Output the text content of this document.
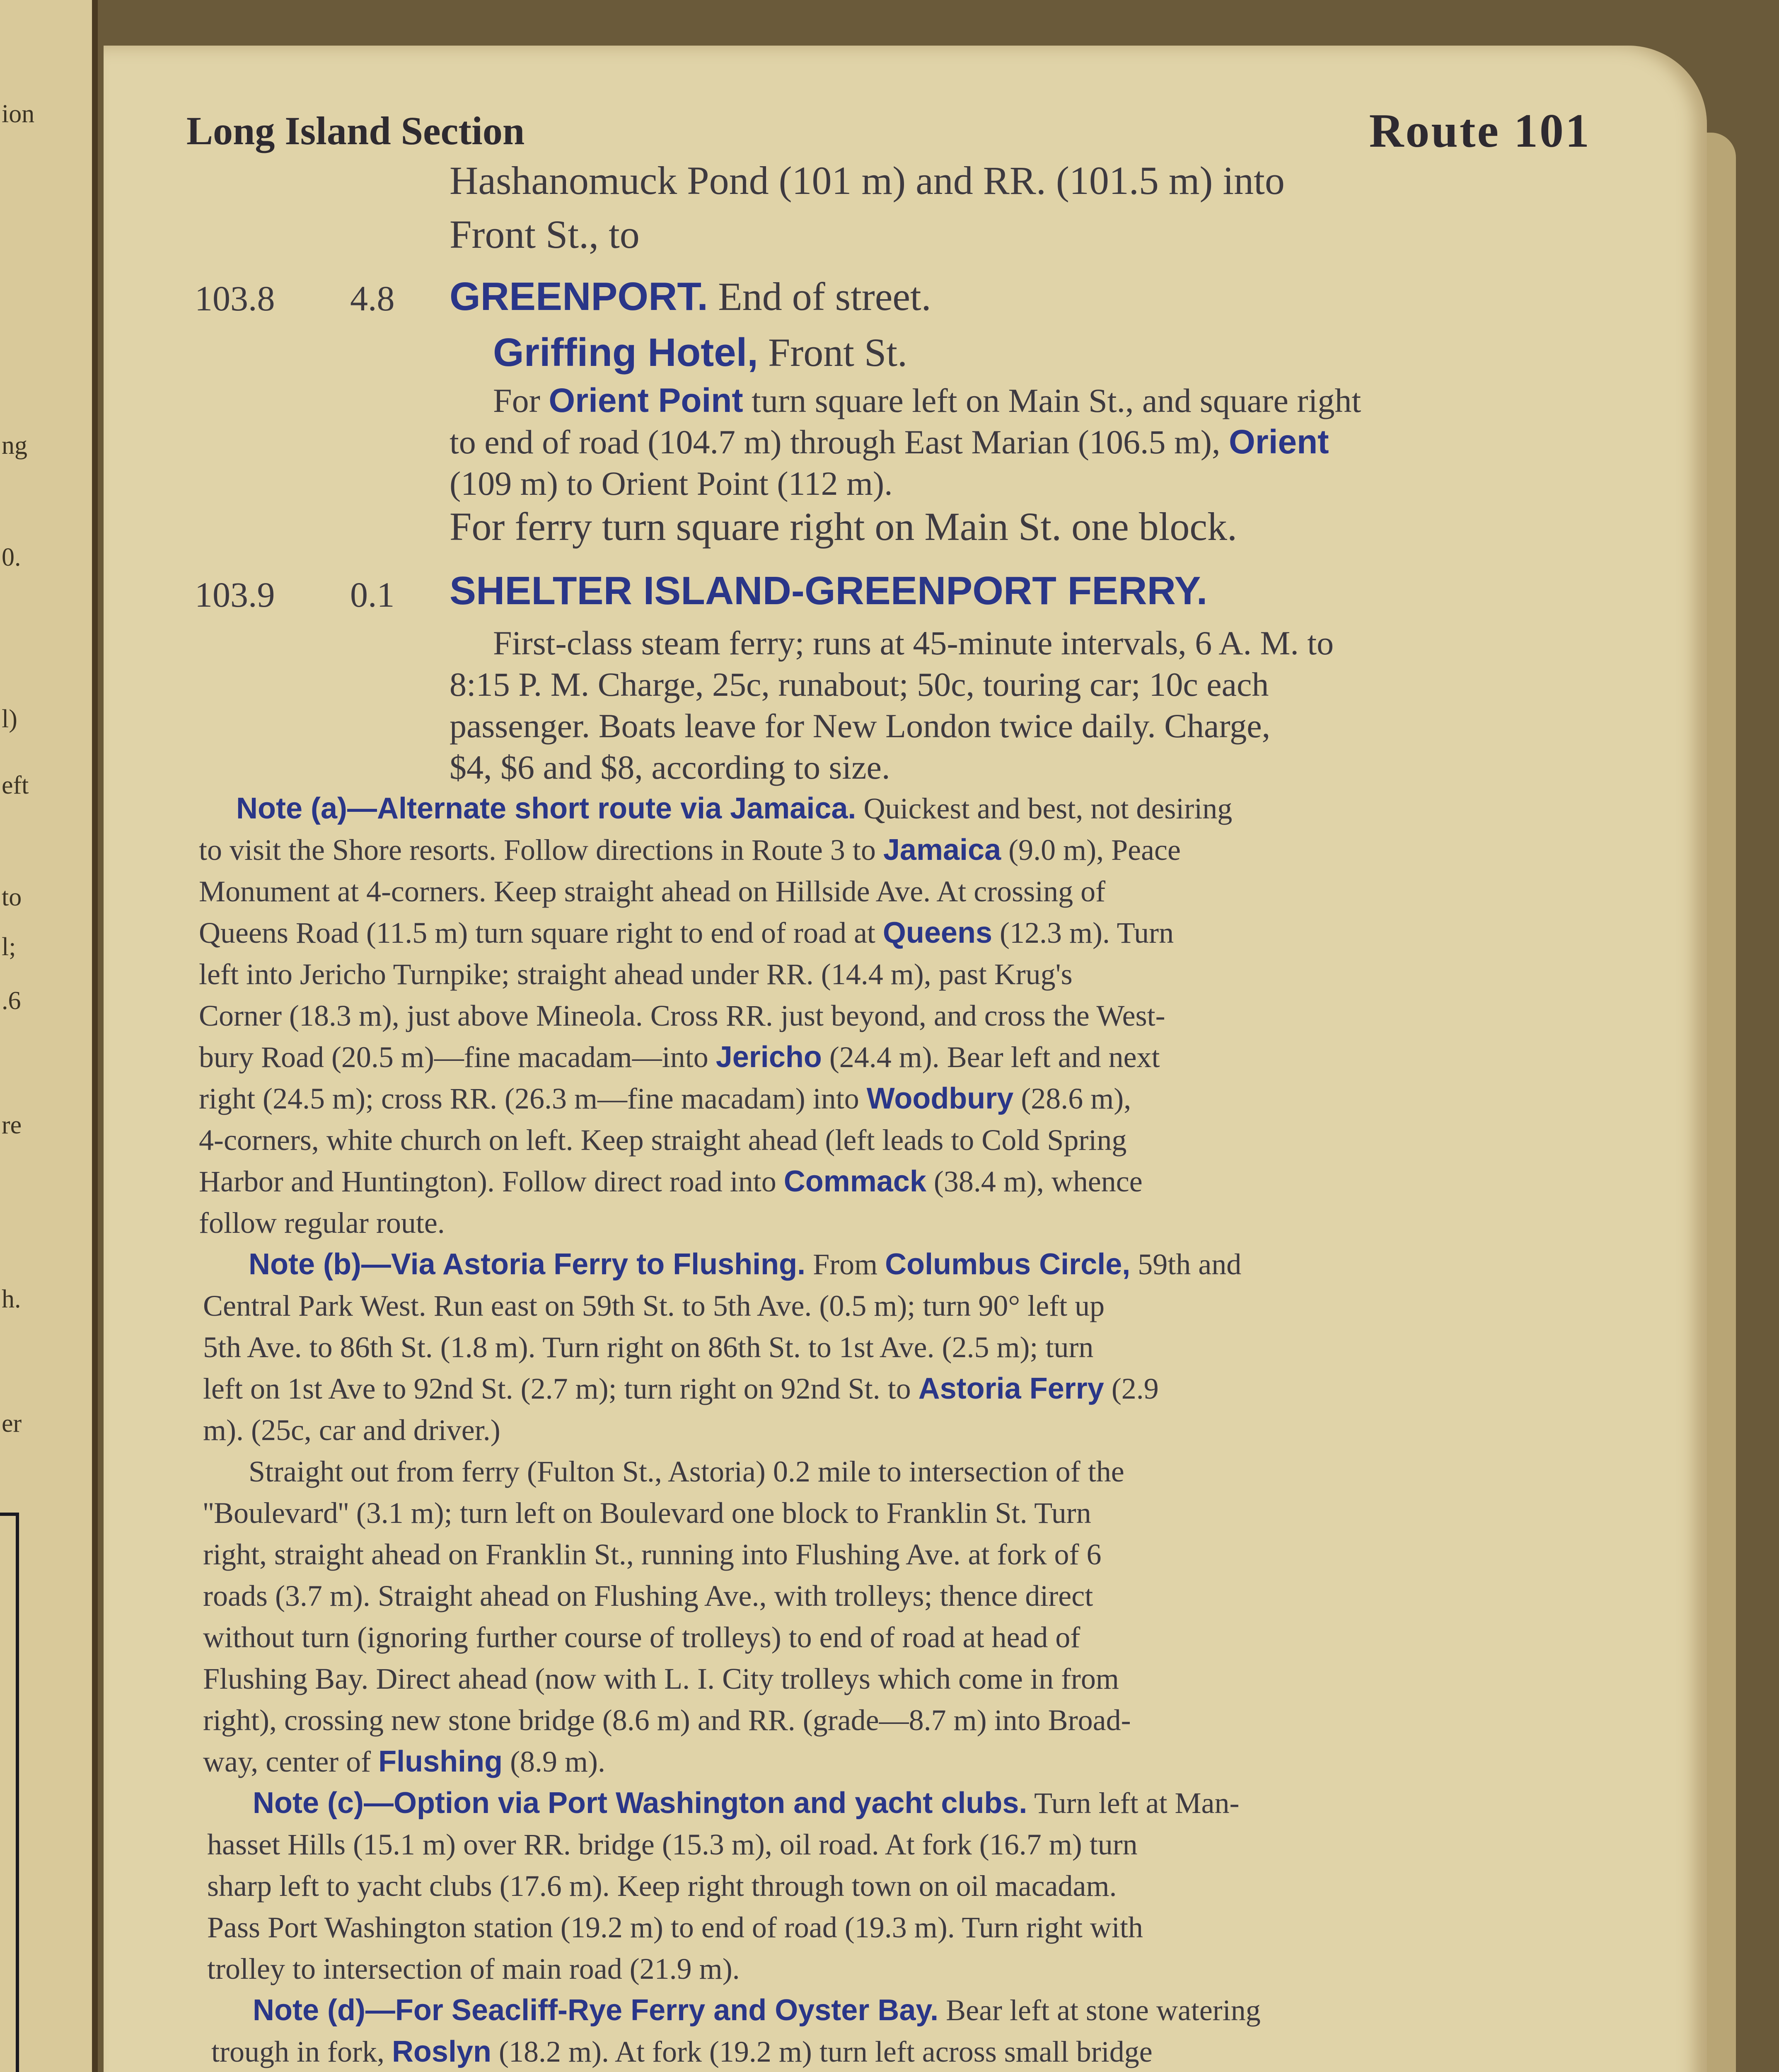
ion
ng
0.
l)
eft
to
l;
.6
re
h.
er
Long Island Section	Route 101
Hashanomuck Pond (101 m) and RR. (101.5 m) into
Front St., to
103.8 4.8 GREENPORT. End of street.
Griffing Hotel, Front St.
For Orient Point turn square left on Main St., and square right
to end of road (104.7 m) through East Marian (106.5 m), Orient
(109 m) to Orient Point (112 m).
For ferry turn square right on Main St. one block.
103.9 0.1 SHELTER ISLAND-GREENPORT FERRY.
First-class steam ferry; runs at 45-minute intervals, 6 A. M. to
8:15 P. M. Charge, 25c, runabout; 50c, touring car; 10c each
passenger. Boats leave for New London twice daily. Charge,
$4, $6 and $8, according to size.
Note (a)—Alternate short route via Jamaica. Quickest and best, not desiring
to visit the Shore resorts. Follow directions in Route 3 to Jamaica (9.0 m), Peace
Monument at 4-corners. Keep straight ahead on Hillside Ave. At crossing of
Queens Road (11.5 m) turn square right to end of road at Queens (12.3 m). Turn
left into Jericho Turnpike; straight ahead under RR. (14.4 m), past Krug's
Corner (18.3 m), just above Mineola. Cross RR. just beyond, and cross the West-
bury Road (20.5 m)—fine macadam—into Jericho (24.4 m). Bear left and next
right (24.5 m); cross RR. (26.3 m—fine macadam) into Woodbury (28.6 m),
4-corners, white church on left. Keep straight ahead (left leads to Cold Spring
Harbor and Huntington). Follow direct road into Commack (38.4 m), whence
follow regular route.
Note (b)—Via Astoria Ferry to Flushing. From Columbus Circle, 59th and
Central Park West. Run east on 59th St. to 5th Ave. (0.5 m); turn 90° left up
5th Ave. to 86th St. (1.8 m). Turn right on 86th St. to 1st Ave. (2.5 m); turn
left on 1st Ave to 92nd St. (2.7 m); turn right on 92nd St. to Astoria Ferry (2.9
m). (25c, car and driver.)
Straight out from ferry (Fulton St., Astoria) 0.2 mile to intersection of the
''Boulevard'' (3.1 m); turn left on Boulevard one block to Franklin St. Turn
right, straight ahead on Franklin St., running into Flushing Ave. at fork of 6
roads (3.7 m). Straight ahead on Flushing Ave., with trolleys; thence direct
without turn (ignoring further course of trolleys) to end of road at head of
Flushing Bay. Direct ahead (now with L. I. City trolleys which come in from
right), crossing new stone bridge (8.6 m) and RR. (grade—8.7 m) into Broad-
way, center of Flushing (8.9 m).
Note (c)—Option via Port Washington and yacht clubs. Turn left at Man-
hasset Hills (15.1 m) over RR. bridge (15.3 m), oil road. At fork (16.7 m) turn
sharp left to yacht clubs (17.6 m). Keep right through town on oil macadam.
Pass Port Washington station (19.2 m) to end of road (19.3 m). Turn right with
trolley to intersection of main road (21.9 m).
Note (d)—For Seacliff-Rye Ferry and Oyster Bay. Bear left at stone watering
trough in fork, Roslyn (18.2 m). At fork (19.2 m) turn left across small bridge
